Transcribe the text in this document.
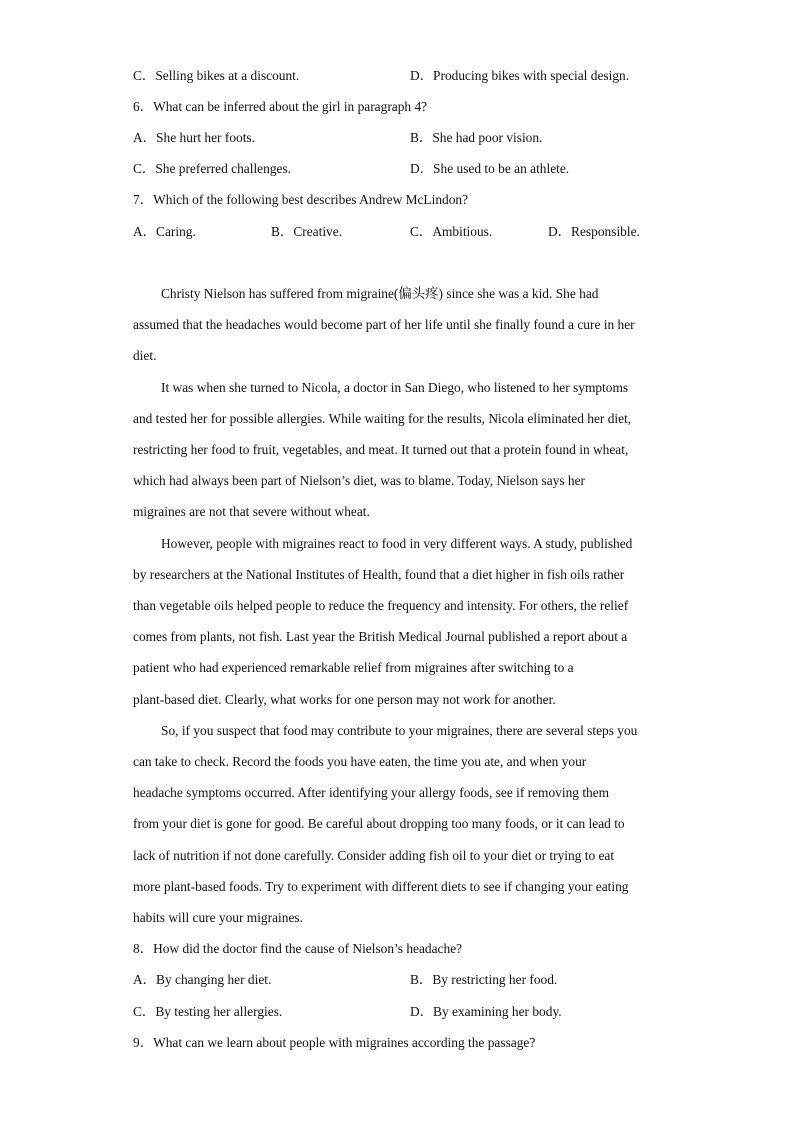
C．Selling bikes at a discount.	D．Producing bikes with special design.
6．What can be inferred about the girl in paragraph 4?
A．She hurt her foots.	B．She had poor vision.
C．She preferred challenges.	D．She used to be an athlete.
7．Which of the following best describes Andrew McLindon?
A．Caring.	B．Creative.	C．Ambitious.	D．Responsible.
Christy Nielson has suffered from migraine(偏头疼) since she was a kid. She had
assumed that the headaches would become part of her life until she finally found a cure in her
diet.
It was when she turned to Nicola, a doctor in San Diego, who listened to her symptoms
and tested her for possible allergies. While waiting for the results, Nicola eliminated her diet,
restricting her food to fruit, vegetables, and meat. It turned out that a protein found in wheat,
which had always been part of Nielson’s diet, was to blame. Today, Nielson says her
migraines are not that severe without wheat.
However, people with migraines react to food in very different ways. A study, published
by researchers at the National Institutes of Health, found that a diet higher in fish oils rather
than vegetable oils helped people to reduce the frequency and intensity. For others, the relief
comes from plants, not fish. Last year the British Medical Journal published a report about a
patient who had experienced remarkable relief from migraines after switching to a
plant-based diet. Clearly, what works for one person may not work for another.
So, if you suspect that food may contribute to your migraines, there are several steps you
can take to check. Record the foods you have eaten, the time you ate, and when your
headache symptoms occurred. After identifying your allergy foods, see if removing them
from your diet is gone for good. Be careful about dropping too many foods, or it can lead to
lack of nutrition if not done carefully. Consider adding fish oil to your diet or trying to eat
more plant-based foods. Try to experiment with different diets to see if changing your eating
habits will cure your migraines.
8．How did the doctor find the cause of Nielson’s headache?
A．By changing her diet.	B．By restricting her food.
C．By testing her allergies.	D．By examining her body.
9．What can we learn about people with migraines according the passage?
